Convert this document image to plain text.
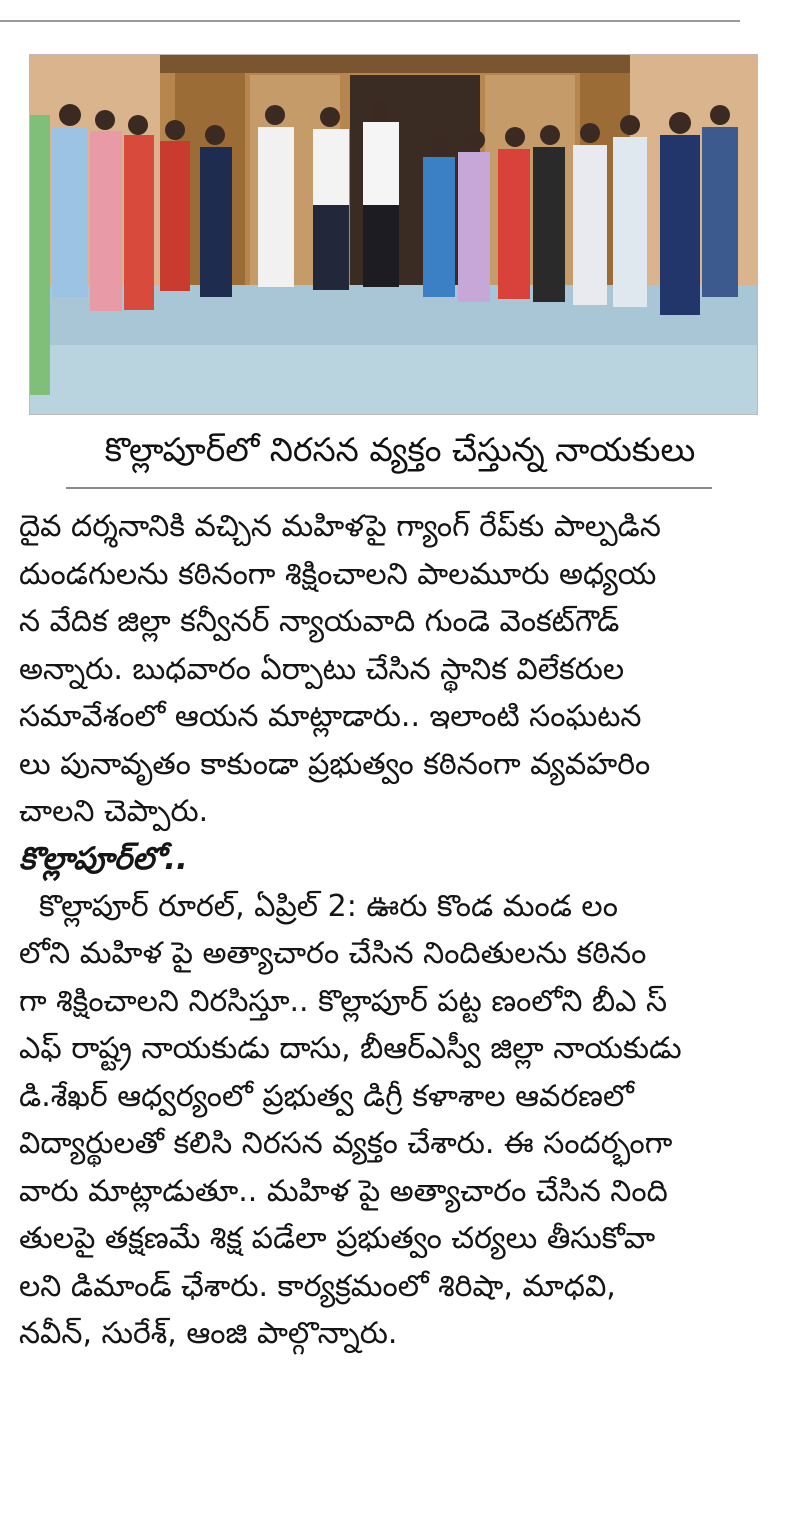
కొల్లాపూర్‌లో నిరసన వ్యక్తం చేస్తున్న నాయకులు
దైవ దర్శనానికి వచ్చిన మహిళపై గ్యాంగ్ రేప్‌కు పాల్పడిన
దుండగులను కఠినంగా శిక్షించాలని పాలమూరు అధ్యయ
న వేదిక జిల్లా కన్వీనర్ న్యాయవాది గుండె వెంకట్‌గౌడ్
అన్నారు. బుధవారం ఏర్పాటు చేసిన స్థానిక విలేకరుల
సమావేశంలో ఆయన మాట్లాడారు.. ఇలాంటి సంఘటన
లు పునావృతం కాకుండా ప్రభుత్వం కఠినంగా వ్యవహరిం
చాలని చెప్పారు.
కొల్లాపూర్‌లో..
కొల్లాపూర్ రూరల్, ఏప్రిల్ 2: ఊరు కొండ మండ లం
లోని మహిళ పై అత్యాచారం చేసిన నిందితులను కఠినం
గా శిక్షించాలని నిరసిస్తూ.. కొల్లాపూర్ పట్ట ణంలోని బీఎ స్
ఎఫ్ రాష్ట్ర నాయకుడు దాసు, బీఆర్ఎస్వీ జిల్లా నాయకుడు
డి.శేఖర్ ఆధ్వర్యంలో ప్రభుత్వ డిగ్రీ కళాశాల ఆవరణలో
విద్యార్థులతో కలిసి నిరసన వ్యక్తం చేశారు. ఈ సందర్భంగా
వారు మాట్లాడుతూ.. మహిళ పై అత్యాచారం చేసిన నింది
తులపై తక్షణమే శిక్ష పడేలా ప్రభుత్వం చర్యలు తీసుకోవా
లని డిమాండ్ ఛేశారు. కార్యక్రమంలో శిరిషా, మాధవి,
నవీన్, సురేశ్, ఆంజి పాల్గొన్నారు.
